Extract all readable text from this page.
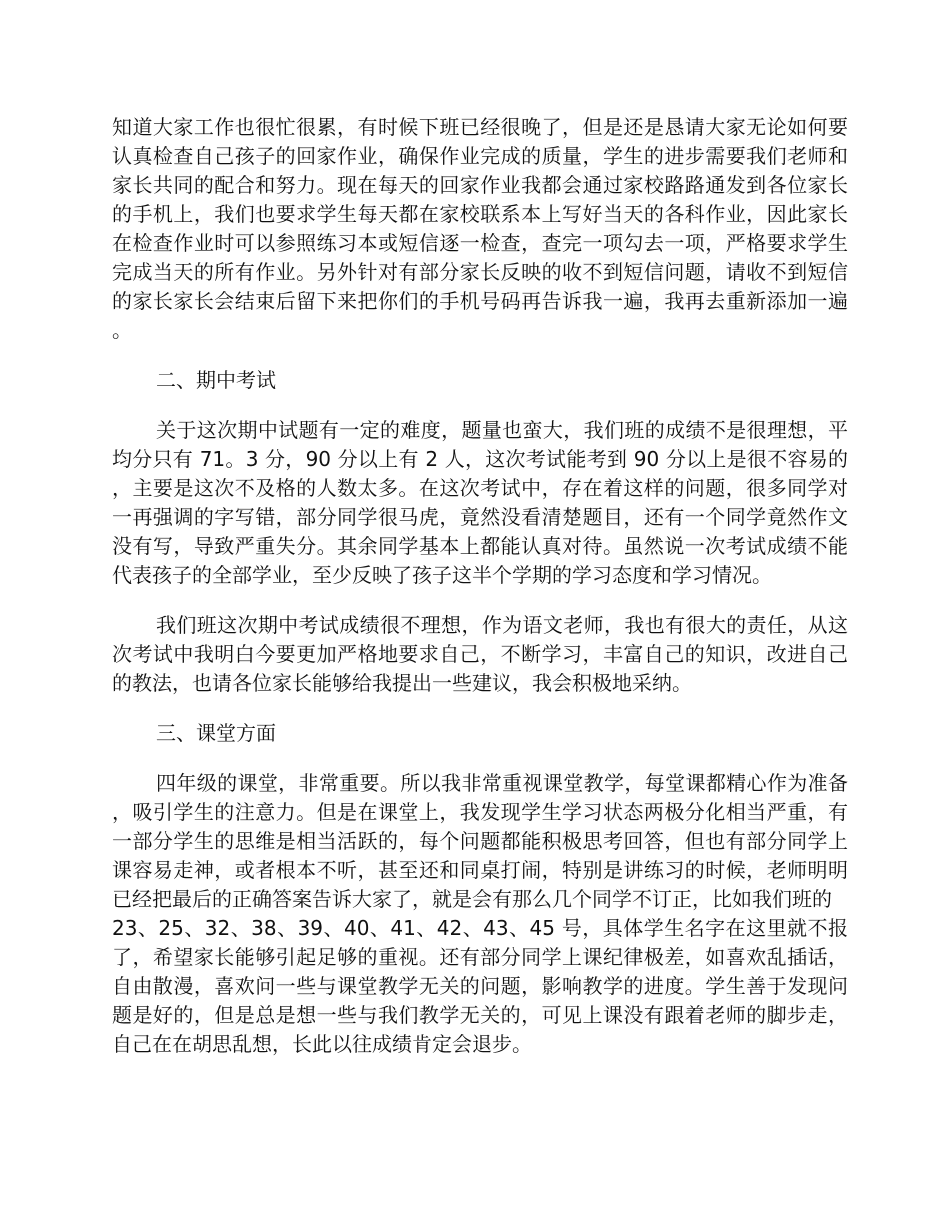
知道大家工作也很忙很累，有时候下班已经很晚了，但是还是恳请大家无论如何要认真检查自己孩子的回家作业，确保作业完成的质量，学生的进步需要我们老师和家长共同的配合和努力。现在每天的回家作业我都会通过家校路路通发到各位家长的手机上，我们也要求学生每天都在家校联系本上写好当天的各科作业，因此家长在检查作业时可以参照练习本或短信逐一检查，查完一项勾去一项，严格要求学生完成当天的所有作业。另外针对有部分家长反映的收不到短信问题，请收不到短信的家长家长会结束后留下来把你们的手机号码再告诉我一遍，我再去重新添加一遍。

二、期中考试

关于这次期中试题有一定的难度，题量也蛮大，我们班的成绩不是很理想，平均分只有 71。3 分，90 分以上有 2 人，这次考试能考到 90 分以上是很不容易的，主要是这次不及格的人数太多。在这次考试中，存在着这样的问题，很多同学对一再强调的字写错，部分同学很马虎，竟然没看清楚题目，还有一个同学竟然作文没有写，导致严重失分。其余同学基本上都能认真对待。虽然说一次考试成绩不能代表孩子的全部学业，至少反映了孩子这半个学期的学习态度和学习情况。

我们班这次期中考试成绩很不理想，作为语文老师，我也有很大的责任，从这次考试中我明白今要更加严格地要求自己，不断学习，丰富自己的知识，改进自己的教法，也请各位家长能够给我提出一些建议，我会积极地采纳。

三、课堂方面

四年级的课堂，非常重要。所以我非常重视课堂教学，每堂课都精心作为准备，吸引学生的注意力。但是在课堂上，我发现学生学习状态两极分化相当严重，有一部分学生的思维是相当活跃的，每个问题都能积极思考回答，但也有部分同学上课容易走神，或者根本不听，甚至还和同桌打闹，特别是讲练习的时候，老师明明已经把最后的正确答案告诉大家了，就是会有那么几个同学不订正，比如我们班的
23、25、32、38、39、40、41、42、43、45 号，具体学生名字在这里就不报了，希望家长能够引起足够的重视。还有部分同学上课纪律极差，如喜欢乱插话，自由散漫，喜欢问一些与课堂教学无关的问题，影响教学的进度。学生善于发现问题是好的，但是总是想一些与我们教学无关的，可见上课没有跟着老师的脚步走，自己在在胡思乱想，长此以往成绩肯定会退步。
